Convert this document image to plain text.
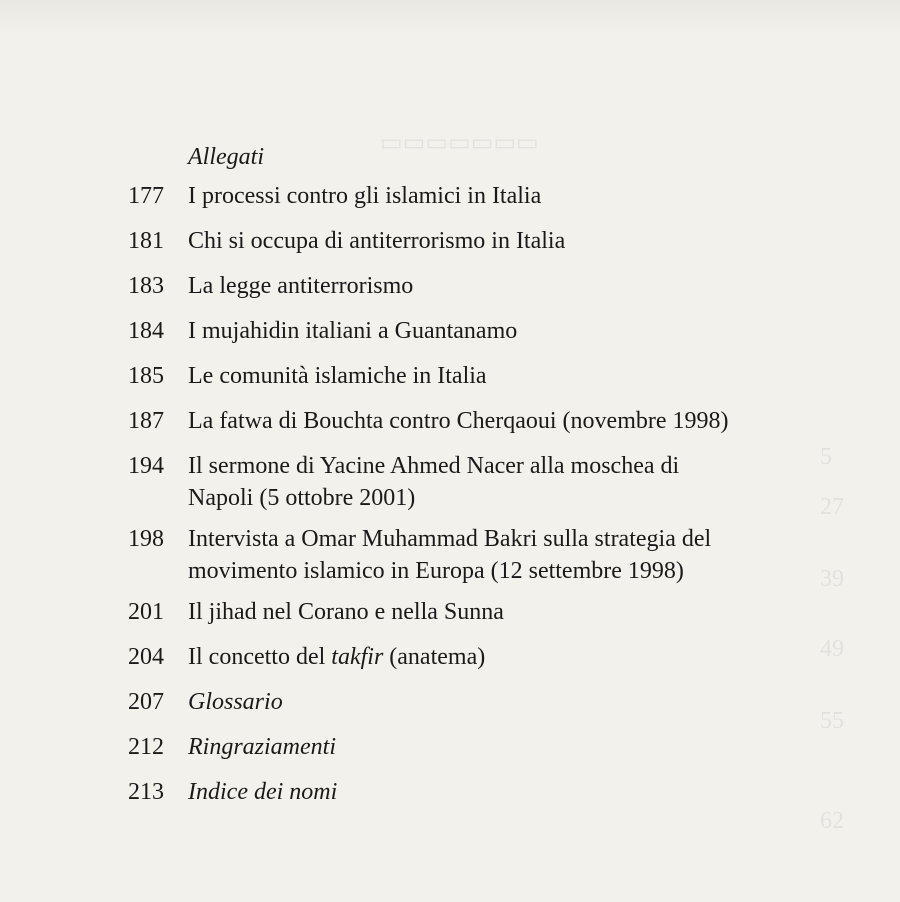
▭▭▭▭▭▭▭
5
27
39
49
55
62
Allegati
177	I processi contro gli islamici in Italia
181	Chi si occupa di antiterrorismo in Italia
183	La legge antiterrorismo
184	I mujahidin italiani a Guantanamo
185	Le comunità islamiche in Italia
187	La fatwa di Bouchta contro Cherqaoui (novembre 1998)
194	Il sermone di Yacine Ahmed Nacer alla moschea di
Napoli (5 ottobre 2001)
198	Intervista a Omar Muhammad Bakri sulla strategia del
movimento islamico in Europa (12 settembre 1998)
201	Il jihad nel Corano e nella Sunna
204	Il concetto del takfir (anatema)
207	Glossario
212	Ringraziamenti
213	Indice dei nomi
